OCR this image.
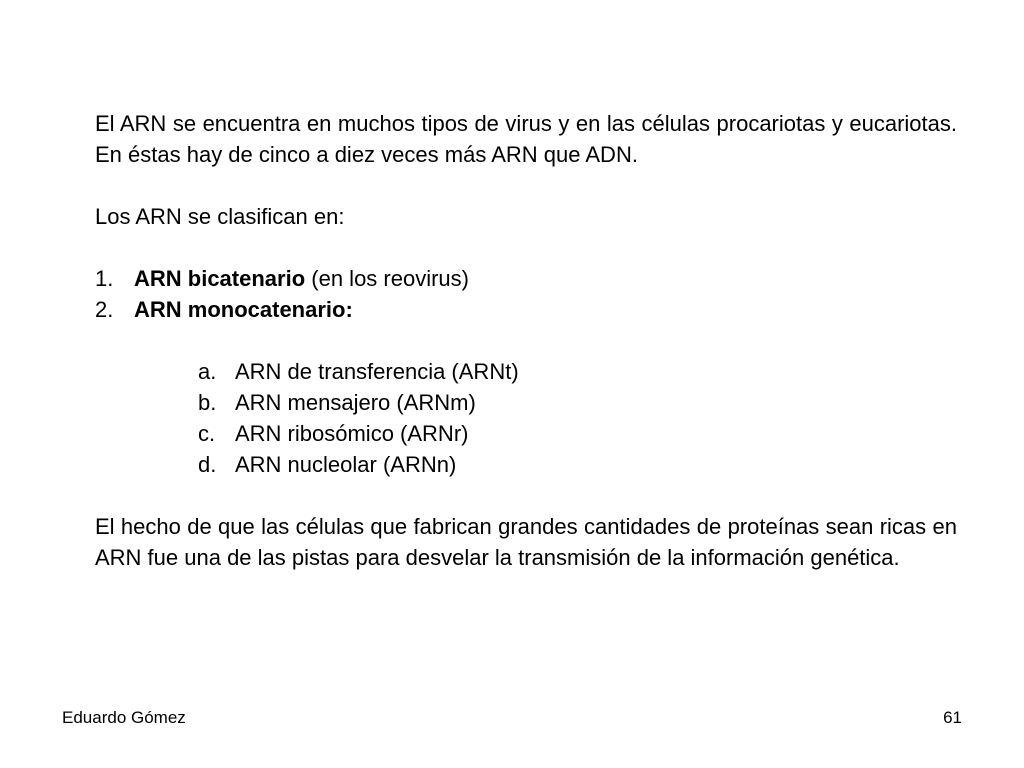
El ARN se encuentra en muchos tipos de virus y en las células procariotas y eucariotas. En éstas hay de cinco a diez veces más ARN que ADN.

Los ARN se clasifican en:

1. ARN bicatenario (en los reovirus)
2. ARN monocatenario:
a. ARN de transferencia (ARNt)
b. ARN mensajero (ARNm)
c. ARN ribosómico (ARNr)
d. ARN nucleolar (ARNn)

El hecho de que las células que fabrican grandes cantidades de proteínas sean ricas en ARN fue una de las pistas para desvelar la transmisión de la información genética.

Eduardo Gómez	61
